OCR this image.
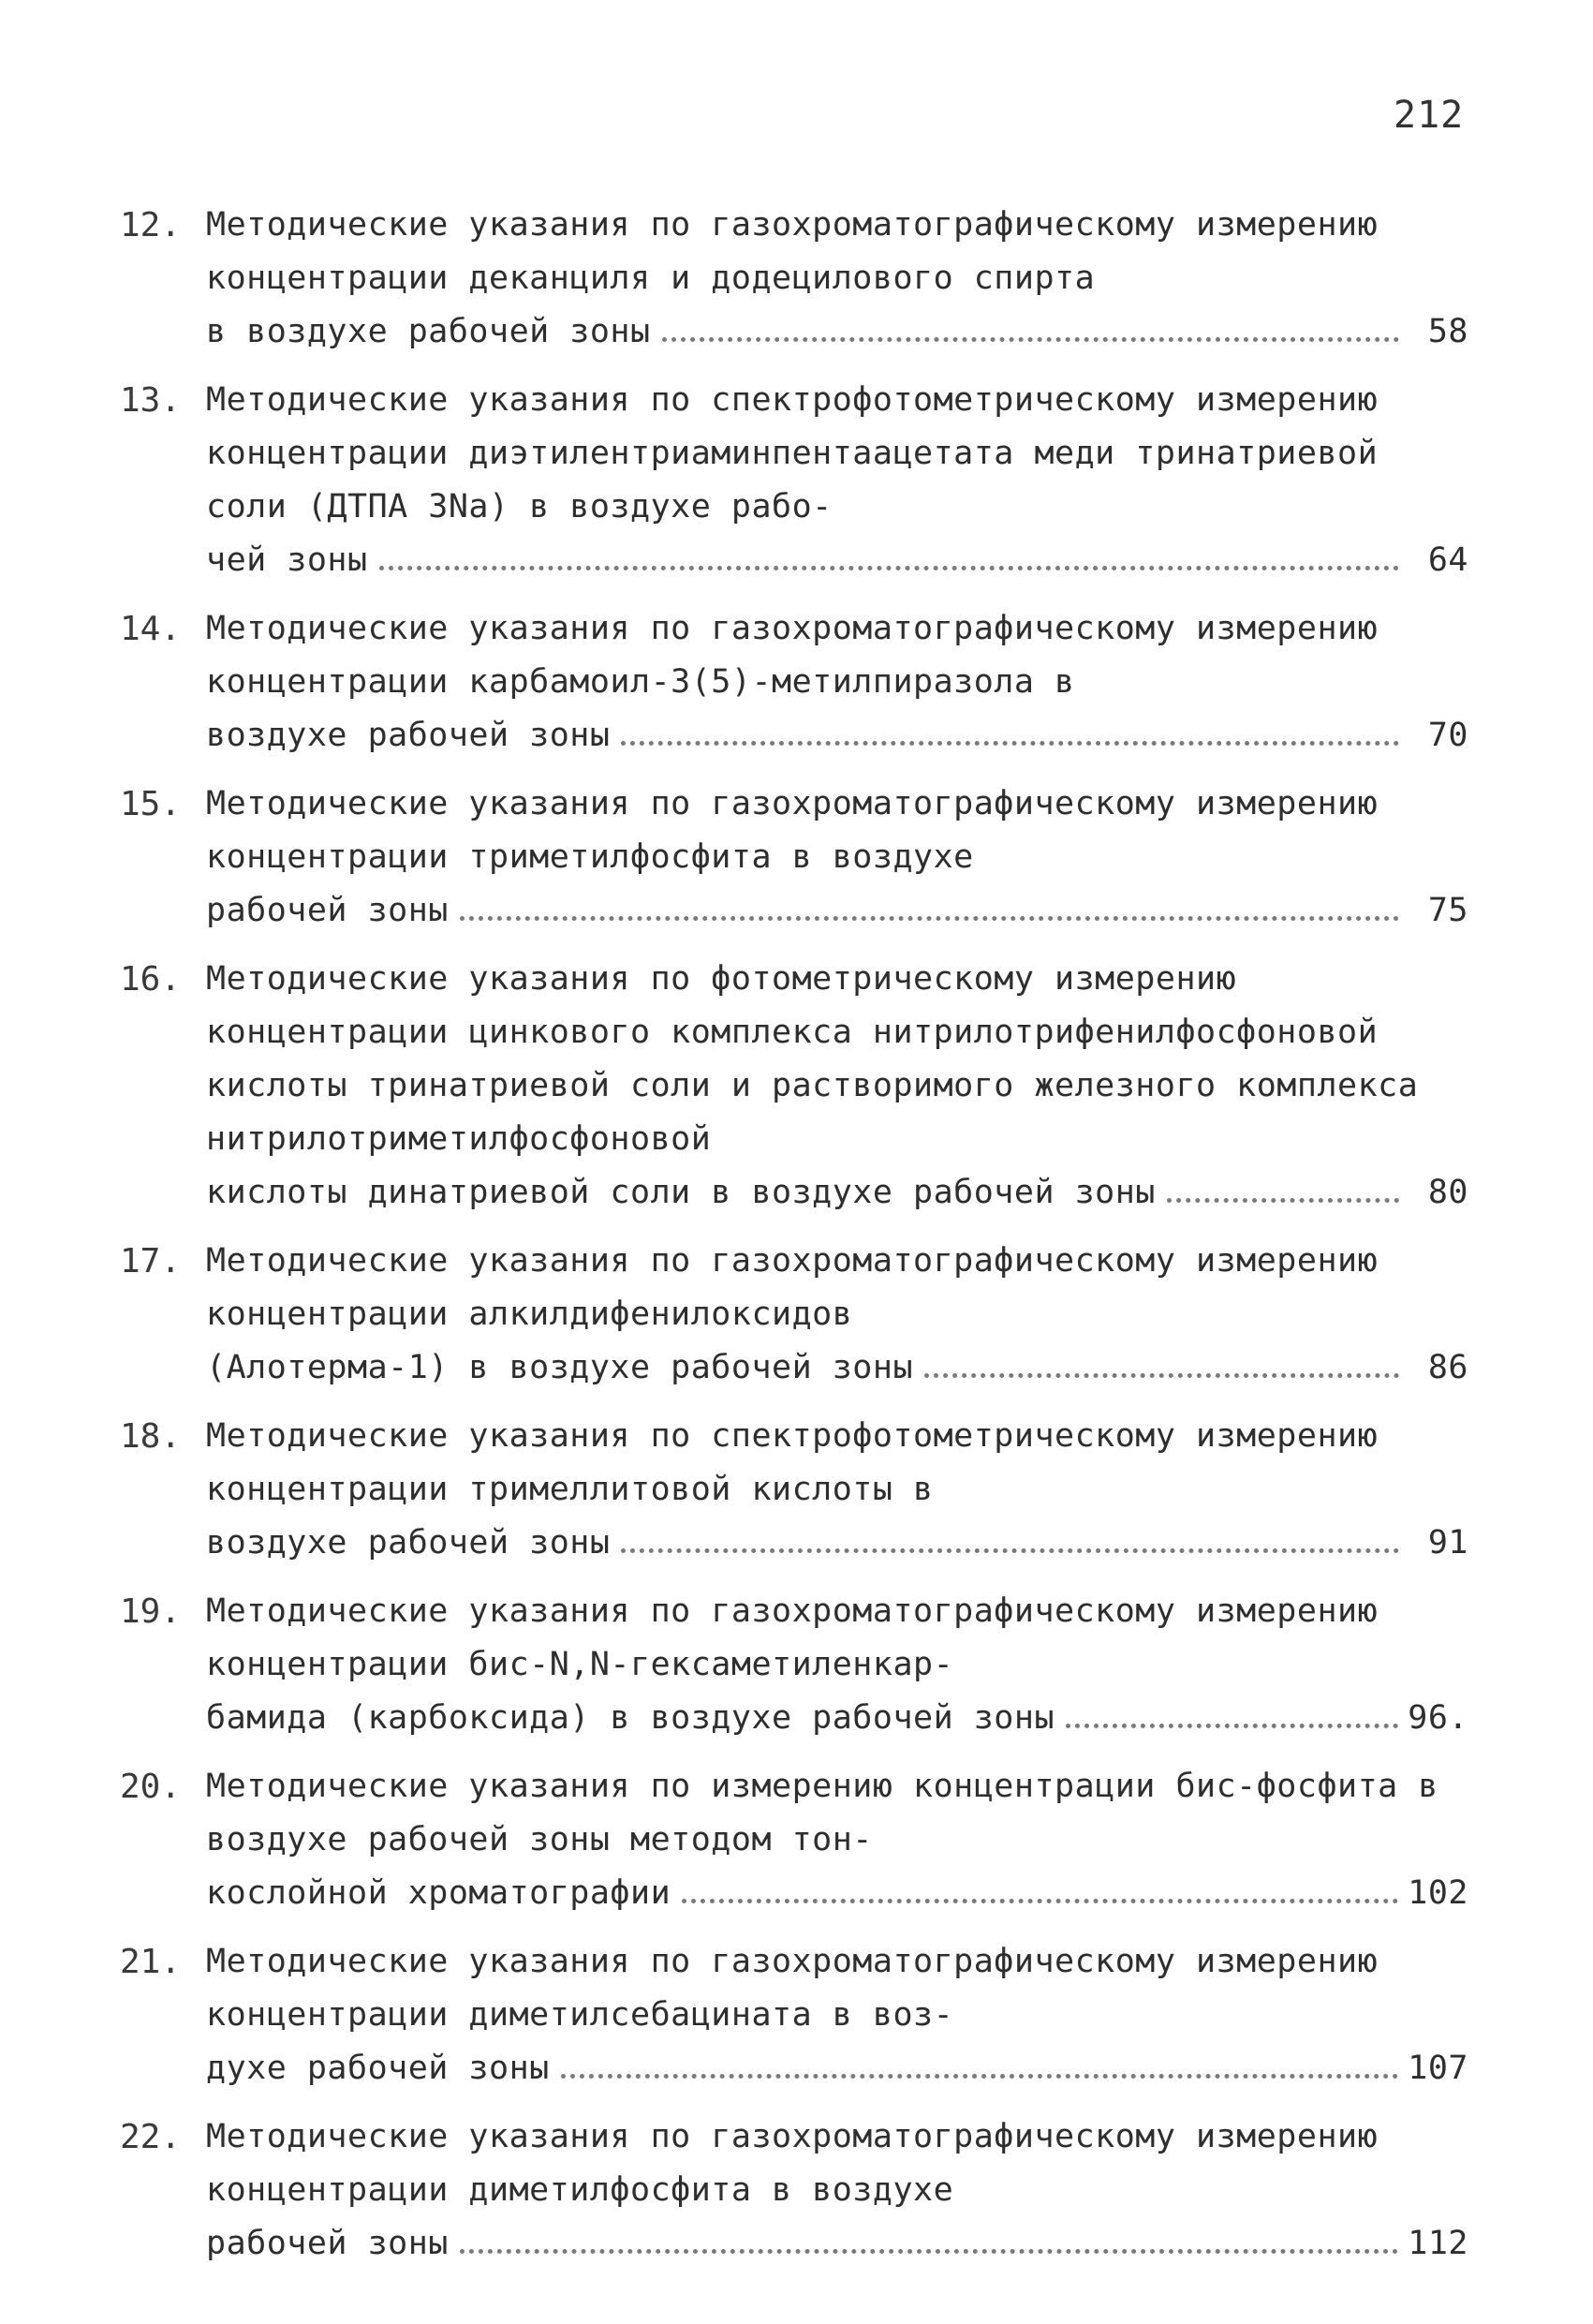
212
12. Методические указания по газохроматографическому измерению концентрации деканциля и додецилового спирта

в воздухе рабочей зоны	58
13. Методические указания по спектрофотометрическому измерению концентрации диэтилентриаминпентаацетата меди тринатриевой соли (ДТПА 3Na) в воздухе рабо-

чей зоны	64
14. Методические указания по газохроматографическому измерению концентрации карбамоил-3(5)-метилпиразола в

воздухе рабочей зоны	70
15. Методические указания по газохроматографическому измерению концентрации триметилфосфита в воздухе

рабочей зоны	75
16. Методические указания по фотометрическому измерению концентрации цинкового комплекса нитрилотрифенилфосфоновой кислоты тринатриевой соли и растворимого железного комплекса нитрилотриметилфосфоновой

кислоты динатриевой соли в воздухе рабочей зоны	80
17. Методические указания по газохроматографическому измерению концентрации алкилдифенилоксидов

(Алотерма-1) в воздухе рабочей зоны	86
18. Методические указания по спектрофотометрическому измерению концентрации тримеллитовой кислоты в

воздухе рабочей зоны	91
19. Методические указания по газохроматографическому измерению концентрации бис-N,N-гексаметиленкар-

бамида (карбоксида) в воздухе рабочей зоны	96.
20. Методические указания по измерению концентрации бис-фосфита в воздухе рабочей зоны методом тон-

кослойной хроматографии	102
21. Методические указания по газохроматографическому измерению концентрации диметилсебацината в воз-

духе рабочей зоны	107
22. Методические указания по газохроматографическому измерению концентрации диметилфосфита в воздухе

рабочей зоны	112
